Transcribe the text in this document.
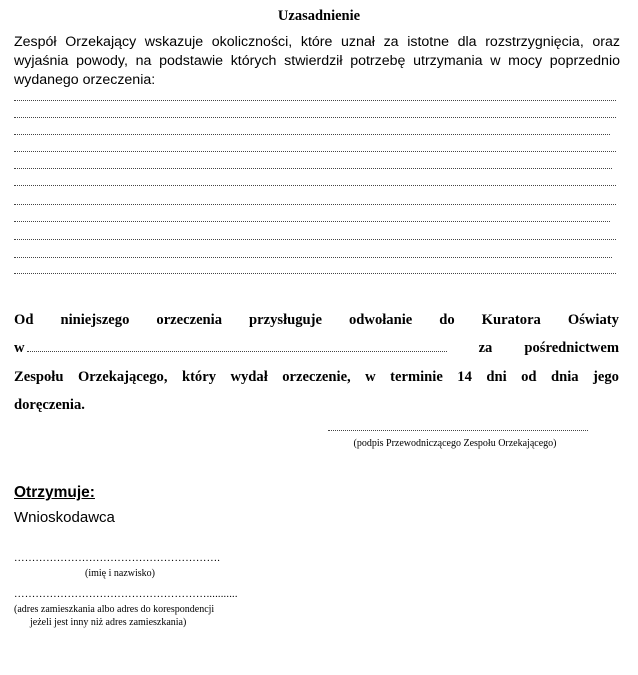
Uzasadnienie
Zespół Orzekający wskazuje okoliczności, które uznał za istotne dla rozstrzygnięcia, oraz wyjaśnia powody, na podstawie których stwierdził potrzebę utrzymania w mocy poprzednio wydanego orzeczenia:
Od niniejszego orzeczenia przysługuje odwołanie do Kuratora Oświaty
w	za pośrednictwem
Zespołu Orzekającego, który wydał orzeczenie, w terminie 14 dni od dnia jego
doręczenia.
(podpis Przewodniczącego Zespołu Orzekającego)
Otrzymuje:
Wnioskodawca
………………………………………………….
(imię i nazwisko)
………………………………………………...........
(adres zamieszkania albo adres do korespondencji
jeżeli jest inny niż adres zamieszkania)
